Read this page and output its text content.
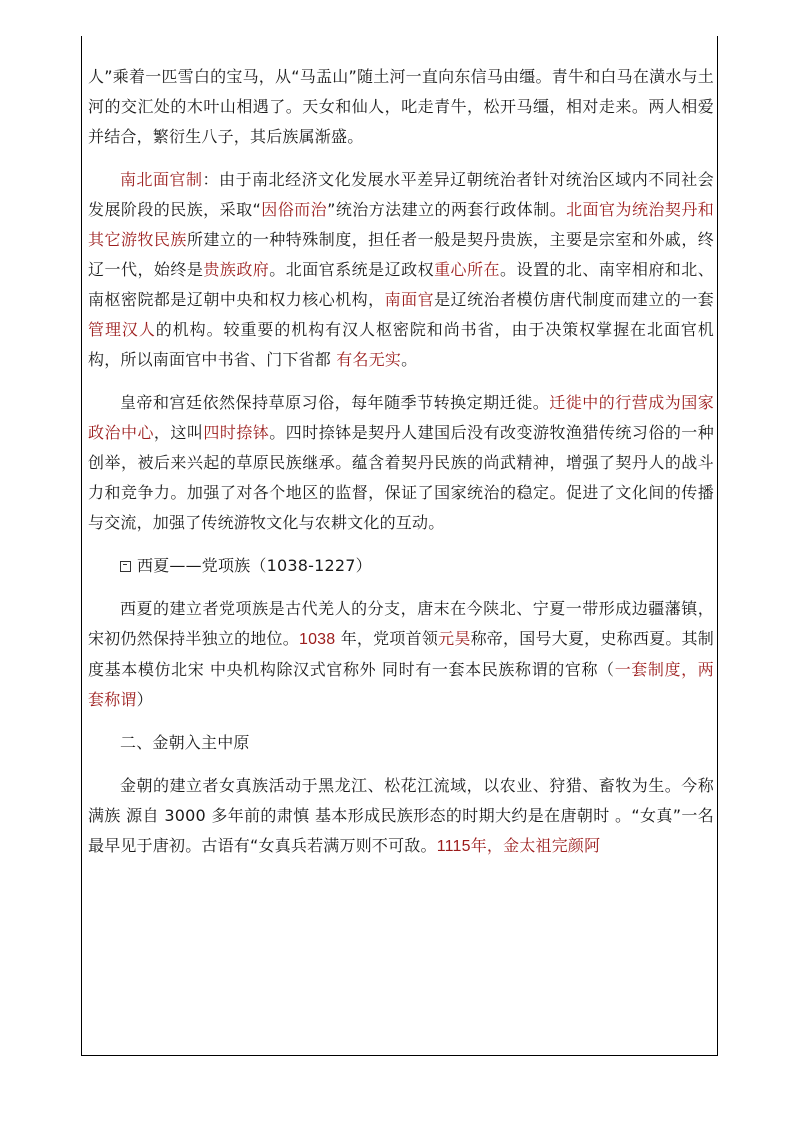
人”乘着一匹雪白的宝马，从“马盂山”随土河一直向东信马由缰。青牛和白马在潢水与土河的交汇处的木叶山相遇了。天女和仙人，叱走青牛，松开马缰，相对走来。两人相爱并结合，繁衍生八子，其后族属渐盛。

南北面官制：由于南北经济文化发展水平差异辽朝统治者针对统治区域内不同社会发展阶段的民族，采取“因俗而治”统治方法建立的两套行政体制。北面官为统治契丹和其它游牧民族所建立的一种特殊制度，担任者一般是契丹贵族，主要是宗室和外戚，终辽一代，始终是贵族政府。北面官系统是辽政权重心所在。设置的北、南宰相府和北、南枢密院都是辽朝中央和权力核心机构，南面官是辽统治者模仿唐代制度而建立的一套管理汉人的机构。较重要的机构有汉人枢密院和尚书省，由于决策权掌握在北面官机构，所以南面官中书省、门下省都 有名无实。

皇帝和宫廷依然保持草原习俗，每年随季节转换定期迁徙。迁徙中的行营成为国家政治中心，这叫四时捺钵。四时捺钵是契丹人建国后没有改变游牧渔猎传统习俗的一种创举，被后来兴起的草原民族继承。蕴含着契丹民族的尚武精神，增强了契丹人的战斗力和竞争力。加强了对各个地区的监督，保证了国家统治的稳定。促进了文化间的传播与交流，加强了传统游牧文化与农耕文化的互动。

西夏——党项族（1038-1227）

西夏的建立者党项族是古代羌人的分支，唐末在今陕北、宁夏一带形成边疆藩镇，宋初仍然保持半独立的地位。1038 年，党项首领元昊称帝，国号大夏，史称西夏。其制度基本模仿北宋 中央机构除汉式官称外 同时有一套本民族称谓的官称（一套制度，两套称谓）

二、金朝入主中原

金朝的建立者女真族活动于黑龙江、松花江流域，以农业、狩猎、畜牧为生。今称满族 源自 3000 多年前的肃慎 基本形成民族形态的时期大约是在唐朝时 。“女真”一名最早见于唐初。古语有“女真兵若满万则不可敌。1115年，金太祖完颜阿
